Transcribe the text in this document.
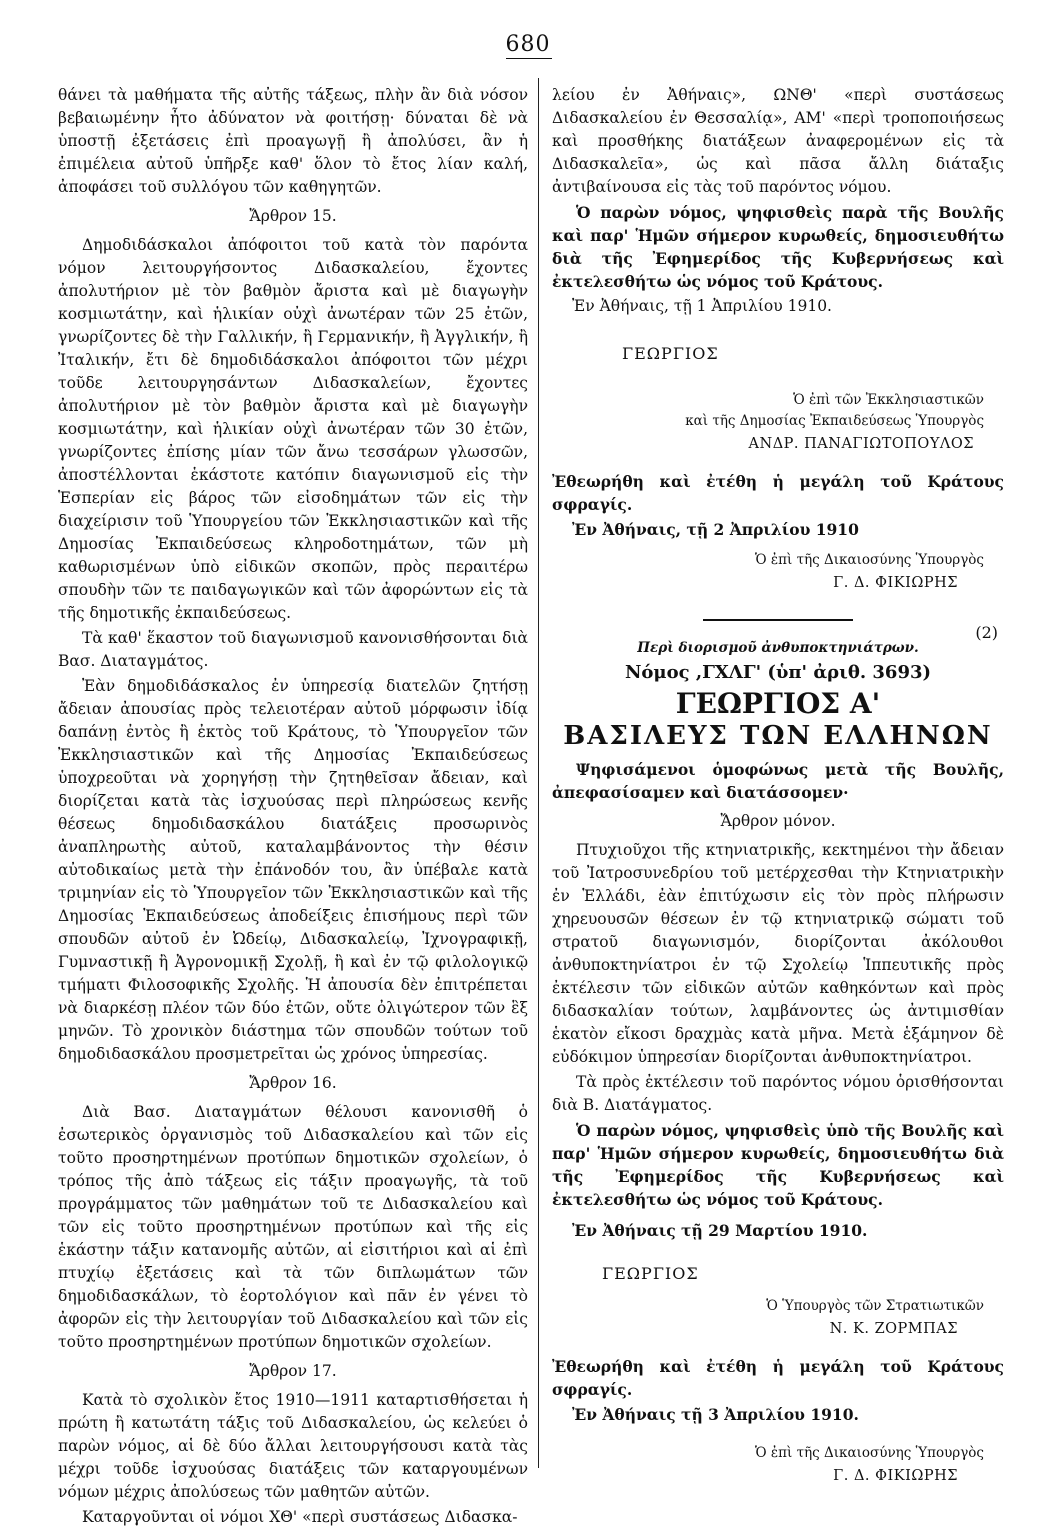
680

θάνει τὰ μαθήματα τῆς αὐτῆς τάξεως, πλὴν ἂν διὰ νόσον βεβαιωμένην ἦτο ἀδύνατον νὰ φοιτήσῃ· δύναται δὲ νὰ ὑποστῇ ἐξετάσεις ἐπὶ προαγωγῇ ἢ ἀπολύσει, ἂν ἡ ἐπιμέλεια αὐτοῦ ὑπῆρξε καθ' ὅλον τὸ ἔτος λίαν καλή, ἀποφάσει τοῦ συλλόγου τῶν καθηγητῶν.

Ἄρθρον 15.

Δημοδιδάσκαλοι ἀπόφοιτοι τοῦ κατὰ τὸν παρόντα νόμον λειτουργήσοντος Διδασκαλείου, ἔχοντες ἀπολυτήριον μὲ τὸν βαθμὸν ἄριστα καὶ μὲ διαγωγὴν κοσμιωτάτην, καὶ ἡλικίαν οὐχὶ ἀνωτέραν τῶν 25 ἐτῶν, γνωρίζοντες δὲ τὴν Γαλλικήν, ἢ Γερμανικήν, ἢ Ἀγγλικήν, ἢ Ἰταλικήν, ἔτι δὲ δημοδιδάσκαλοι ἀπόφοιτοι τῶν μέχρι τοῦδε λειτουργησάντων Διδασκαλείων, ἔχοντες ἀπολυτήριον μὲ τὸν βαθμὸν ἄριστα καὶ μὲ διαγωγὴν κοσμιωτάτην, καὶ ἡλικίαν οὐχὶ ἀνωτέραν τῶν 30 ἐτῶν, γνωρίζοντες ἐπίσης μίαν τῶν ἄνω τεσσάρων γλωσσῶν, ἀποστέλλονται ἑκάστοτε κατόπιν διαγωνισμοῦ εἰς τὴν Ἑσπερίαν εἰς βάρος τῶν εἰσοδημάτων τῶν εἰς τὴν διαχείρισιν τοῦ Ὑπουργείου τῶν Ἐκκλησιαστικῶν καὶ τῆς Δημοσίας Ἐκπαιδεύσεως κληροδοτημάτων, τῶν μὴ καθωρισμένων ὑπὸ εἰδικῶν σκοπῶν, πρὸς περαιτέρω σπουδὴν τῶν τε παιδαγωγικῶν καὶ τῶν ἀφορώντων εἰς τὰ τῆς δημοτικῆς ἐκπαιδεύσεως.

Τὰ καθ' ἕκαστον τοῦ διαγωνισμοῦ κανονισθήσονται διὰ Βασ. Διαταγμάτος.

Ἐὰν δημοδιδάσκαλος ἐν ὑπηρεσίᾳ διατελῶν ζητήσῃ ἄδειαν ἀπουσίας πρὸς τελειοτέραν αὐτοῦ μόρφωσιν ἰδίᾳ δαπάνῃ ἐντὸς ἢ ἐκτὸς τοῦ Κράτους, τὸ Ὑπουργεῖον τῶν Ἐκκλησιαστικῶν καὶ τῆς Δημοσίας Ἐκπαιδεύσεως ὑποχρεοῦται νὰ χορηγήσῃ τὴν ζητηθεῖσαν ἄδειαν, καὶ διορίζεται κατὰ τὰς ἰσχυούσας περὶ πληρώσεως κενῆς θέσεως δημοδιδασκάλου διατάξεις προσωρινὸς ἀναπληρωτὴς αὐτοῦ, καταλαμβάνοντος τὴν θέσιν αὐτοδικαίως μετὰ τὴν ἐπάνοδόν του, ἂν ὑπέβαλε κατὰ τριμηνίαν εἰς τὸ Ὑπουργεῖον τῶν Ἐκκλησιαστικῶν καὶ τῆς Δημοσίας Ἐκπαιδεύσεως ἀποδείξεις ἐπισήμους περὶ τῶν σπουδῶν αὐτοῦ ἐν Ὠδείῳ, Διδασκαλείῳ, Ἰχνογραφικῇ, Γυμναστικῇ ἢ Ἀγρονομικῇ Σχολῇ, ἢ καὶ ἐν τῷ φιλολογικῷ τμήματι Φιλοσοφικῆς Σχολῆς. Ἡ ἀπουσία δὲν ἐπιτρέπεται νὰ διαρκέσῃ πλέον τῶν δύο ἐτῶν, οὔτε ὀλιγώτερον τῶν ἓξ μηνῶν. Τὸ χρονικὸν διάστημα τῶν σπουδῶν τούτων τοῦ δημοδιδασκάλου προσμετρεῖται ὡς χρόνος ὑπηρεσίας.

Ἄρθρον 16.

Διὰ Βασ. Διαταγμάτων θέλουσι κανονισθῆ ὁ ἐσωτερικὸς ὀργανισμὸς τοῦ Διδασκαλείου καὶ τῶν εἰς τοῦτο προσηρτημένων προτύπων δημοτικῶν σχολείων, ὁ τρόπος τῆς ἀπὸ τάξεως εἰς τάξιν προαγωγῆς, τὰ τοῦ προγράμματος τῶν μαθημάτων τοῦ τε Διδασκαλείου καὶ τῶν εἰς τοῦτο προσηρτημένων προτύπων καὶ τῆς εἰς ἑκάστην τάξιν κατανομῆς αὐτῶν, αἱ εἰσιτήριοι καὶ αἱ ἐπὶ πτυχίῳ ἐξετάσεις καὶ τὰ τῶν διπλωμάτων τῶν δημοδιδασκάλων, τὸ ἑορτολόγιον καὶ πᾶν ἐν γένει τὸ ἀφορῶν εἰς τὴν λειτουργίαν τοῦ Διδασκαλείου καὶ τῶν εἰς τοῦτο προσηρτημένων προτύπων δημοτικῶν σχολείων.

Ἄρθρον 17.

Κατὰ τὸ σχολικὸν ἔτος 1910—1911 καταρτισθήσεται ἡ πρώτη ἢ κατωτάτη τάξις τοῦ Διδασκαλείου, ὡς κελεύει ὁ παρὼν νόμος, αἱ δὲ δύο ἄλλαι λειτουργήσουσι κατὰ τὰς μέχρι τοῦδε ἰσχυούσας διατάξεις τῶν καταργουμένων νόμων μέχρις ἀπολύσεως τῶν μαθητῶν αὐτῶν.

Καταργοῦνται οἱ νόμοι ΧΘ' «περὶ συστάσεως Διδασκα-

λείου ἐν Ἀθήναις», ΩΝΘ' «περὶ συστάσεως Διδασκαλείου ἐν Θεσσαλίᾳ», ΑΜ' «περὶ τροποποιήσεως καὶ προσθήκης διατάξεων ἀναφερομένων εἰς τὰ Διδασκαλεῖα», ὡς καὶ πᾶσα ἄλλη διάταξις ἀντιβαίνουσα εἰς τὰς τοῦ παρόντος νόμου.

Ὁ παρὼν νόμος, ψηφισθεὶς παρὰ τῆς Βουλῆς καὶ παρ' Ἡμῶν σήμερον κυρωθείς, δημοσιευθήτω διὰ τῆς Ἐφημερίδος τῆς Κυβερνήσεως καὶ ἐκτελεσθήτω ὡς νόμος τοῦ Κράτους.

Ἐν Ἀθήναις, τῇ 1 Ἀπριλίου 1910.
ΓΕΩΡΓΙΟΣ
Ὁ ἐπὶ τῶν Ἐκκλησιαστικῶν
καὶ τῆς Δημοσίας Ἐκπαιδεύσεως Ὑπουργὸς
ΑΝΔΡ. ΠΑΝΑΓΙΩΤΟΠΟΥΛΟΣ

Ἐθεωρήθη καὶ ἐτέθη ἡ μεγάλη τοῦ Κράτους σφραγίς.

Ἐν Ἀθήναις, τῇ 2 Ἀπριλίου 1910
Ὁ ἐπὶ τῆς Δικαιοσύνης Ὑπουργὸς
Γ. Δ. ΦΙΚΙΩΡΗΣ
Περὶ διορισμοῦ ἀνθυποκτηνιάτρων.
(2)
Νόμος ,ΓΧΛΓ' (ὑπ' ἀριθ. 3693)
ΓΕΩΡΓΙΟΣ Α'
ΒΑΣΙΛΕΥΣ ΤΩΝ ΕΛΛΗΝΩΝ

Ψηφισάμενοι ὁμοφώνως μετὰ τῆς Βουλῆς, ἀπεφασίσαμεν καὶ διατάσσομεν·

Ἄρθρον μόνον.

Πτυχιοῦχοι τῆς κτηνιατρικῆς, κεκτημένοι τὴν ἄδειαν τοῦ Ἰατροσυνεδρίου τοῦ μετέρχεσθαι τὴν Κτηνιατρικὴν ἐν Ἑλλάδι, ἐὰν ἐπιτύχωσιν εἰς τὸν πρὸς πλήρωσιν χηρευουσῶν θέσεων ἐν τῷ κτηνιατρικῷ σώματι τοῦ στρατοῦ διαγωνισμόν, διορίζονται ἀκόλουθοι ἀνθυποκτηνίατροι ἐν τῷ Σχολείῳ Ἱππευτικῆς πρὸς ἐκτέλεσιν τῶν εἰδικῶν αὐτῶν καθηκόντων καὶ πρὸς διδασκαλίαν τούτων, λαμβάνοντες ὡς ἀντιμισθίαν ἑκατὸν εἴκοσι δραχμὰς κατὰ μῆνα. Μετὰ ἑξάμηνον δὲ εὐδόκιμον ὑπηρεσίαν διορίζονται ἀνθυποκτηνίατροι.

Τὰ πρὸς ἐκτέλεσιν τοῦ παρόντος νόμου ὁρισθήσονται διὰ Β. Διατάγματος.

Ὁ παρὼν νόμος, ψηφισθεὶς ὑπὸ τῆς Βουλῆς καὶ παρ' Ἡμῶν σήμερον κυρωθείς, δημοσιευθήτω διὰ τῆς Ἐφημερίδος τῆς Κυβερνήσεως καὶ ἐκτελεσθήτω ὡς νόμος τοῦ Κράτους.

Ἐν Ἀθήναις τῇ 29 Μαρτίου 1910.
ΓΕΩΡΓΙΟΣ
Ὁ Ὑπουργὸς τῶν Στρατιωτικῶν
Ν. Κ. ΖΟΡΜΠΑΣ

Ἐθεωρήθη καὶ ἐτέθη ἡ μεγάλη τοῦ Κράτους σφραγίς.

Ἐν Ἀθήναις τῇ 3 Ἀπριλίου 1910.
Ὁ ἐπὶ τῆς Δικαιοσύνης Ὑπουργὸς
Γ. Δ. ΦΙΚΙΩΡΗΣ
